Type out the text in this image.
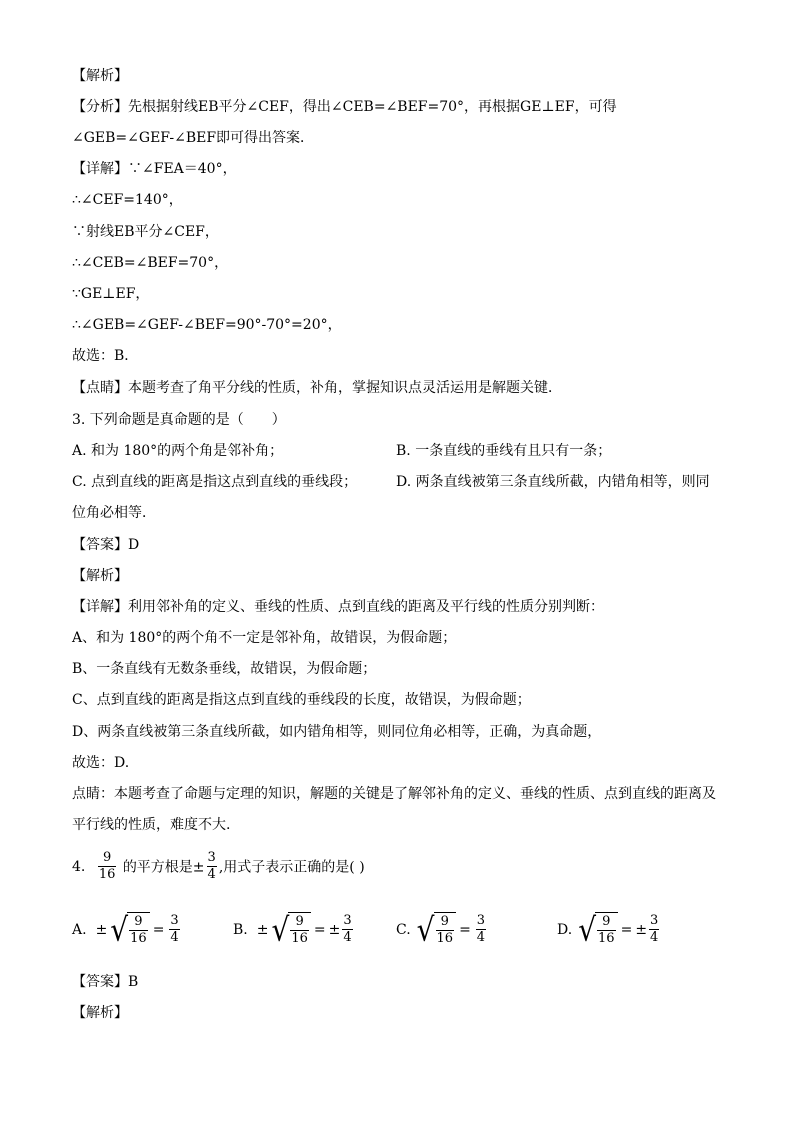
【解析】
【分析】先根据射线EB平分∠CEF，得出∠CEB=∠BEF=70°，再根据GE⊥EF，可得
∠GEB=∠GEF-∠BEF即可得出答案．
【详解】∵∠FEA＝40°，
∴∠CEF=140°，
∵射线EB平分∠CEF，
∴∠CEB=∠BEF=70°，
∵GE⊥EF，
∴∠GEB=∠GEF-∠BEF=90°-70°=20°，
故选：B．
【点睛】本题考查了角平分线的性质，补角，掌握知识点灵活运用是解题关键．
3. 下列命题是真命题的是（　　）
A. 和为 180°的两个角是邻补角；	B. 一条直线的垂线有且只有一条；
C. 点到直线的距离是指这点到直线的垂线段；	D. 两条直线被第三条直线所截，内错角相等，则同
位角必相等．
【答案】D
【解析】
【详解】利用邻补角的定义、垂线的性质、点到直线的距离及平行线的性质分别判断：
A、和为 180°的两个角不一定是邻补角，故错误，为假命题；
B、一条直线有无数条垂线，故错误，为假命题；
C、点到直线的距离是指这点到直线的垂线段的长度，故错误，为假命题；
D、两条直线被第三条直线所截，如内错角相等，则同位角必相等，正确，为真命题，
故选：D.
点睛：本题考查了命题与定理的知识，解题的关键是了解邻补角的定义、垂线的性质、点到直线的距离及
平行线的性质，难度不大.
4. $\frac{9}{16}$ 的平方根是± $\frac{3}{4}$ ,用式子表示正确的是( )
A. ± √ $\frac{9}{16} = \frac{3}{4}$	B. ± √ $\frac{9}{16}$ = ± $\frac{3}{4}$	C. √ $\frac{9}{16} = \frac{3}{4}$	D. √ $\frac{9}{16}$ = ± $\frac{3}{4}$
【答案】B
【解析】
